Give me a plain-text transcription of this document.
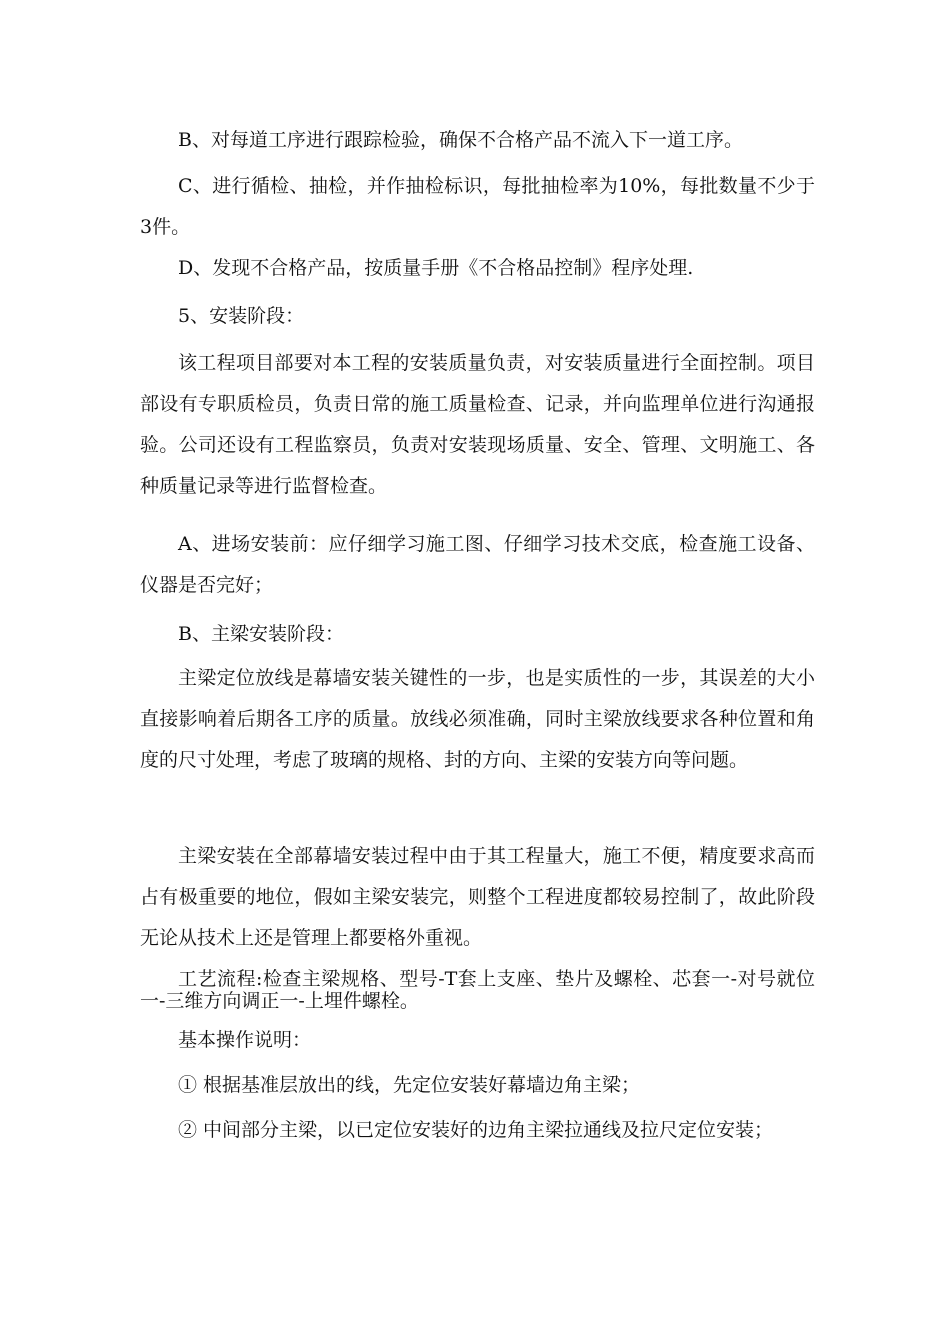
B、对每道工序进行跟踪检验，确保不合格产品不流入下一道工序。

C、进行循检、抽检，并作抽检标识，每批抽检率为10%，每批数量不少于3件。

D、发现不合格产品，按质量手册《不合格品控制》程序处理.

5、安装阶段：

该工程项目部要对本工程的安装质量负责，对安装质量进行全面控制。项目部设有专职质检员，负责日常的施工质量检查、记录，并向监理单位进行沟通报验。公司还设有工程监察员，负责对安装现场质量、安全、管理、文明施工、各种质量记录等进行监督检查。

A、进场安装前：应仔细学习施工图、仔细学习技术交底，检查施工设备、仪器是否完好；

B、主梁安装阶段：

主梁定位放线是幕墙安装关键性的一步，也是实质性的一步，其误差的大小直接影响着后期各工序的质量。放线必须准确，同时主梁放线要求各种位置和角度的尺寸处理，考虑了玻璃的规格、封的方向、主梁的安装方向等问题。

主梁安装在全部幕墙安装过程中由于其工程量大，施工不便，精度要求高而占有极重要的地位，假如主梁安装完，则整个工程进度都较易控制了，故此阶段无论从技术上还是管理上都要格外重视。

工艺流程:检查主梁规格、型号-T套上支座、垫片及螺栓、芯套一-对号就位一-三维方向调正一-上埋件螺栓。

基本操作说明：

① 根据基准层放出的线，先定位安装好幕墙边角主梁；

② 中间部分主梁，以已定位安装好的边角主梁拉通线及拉尺定位安装；
